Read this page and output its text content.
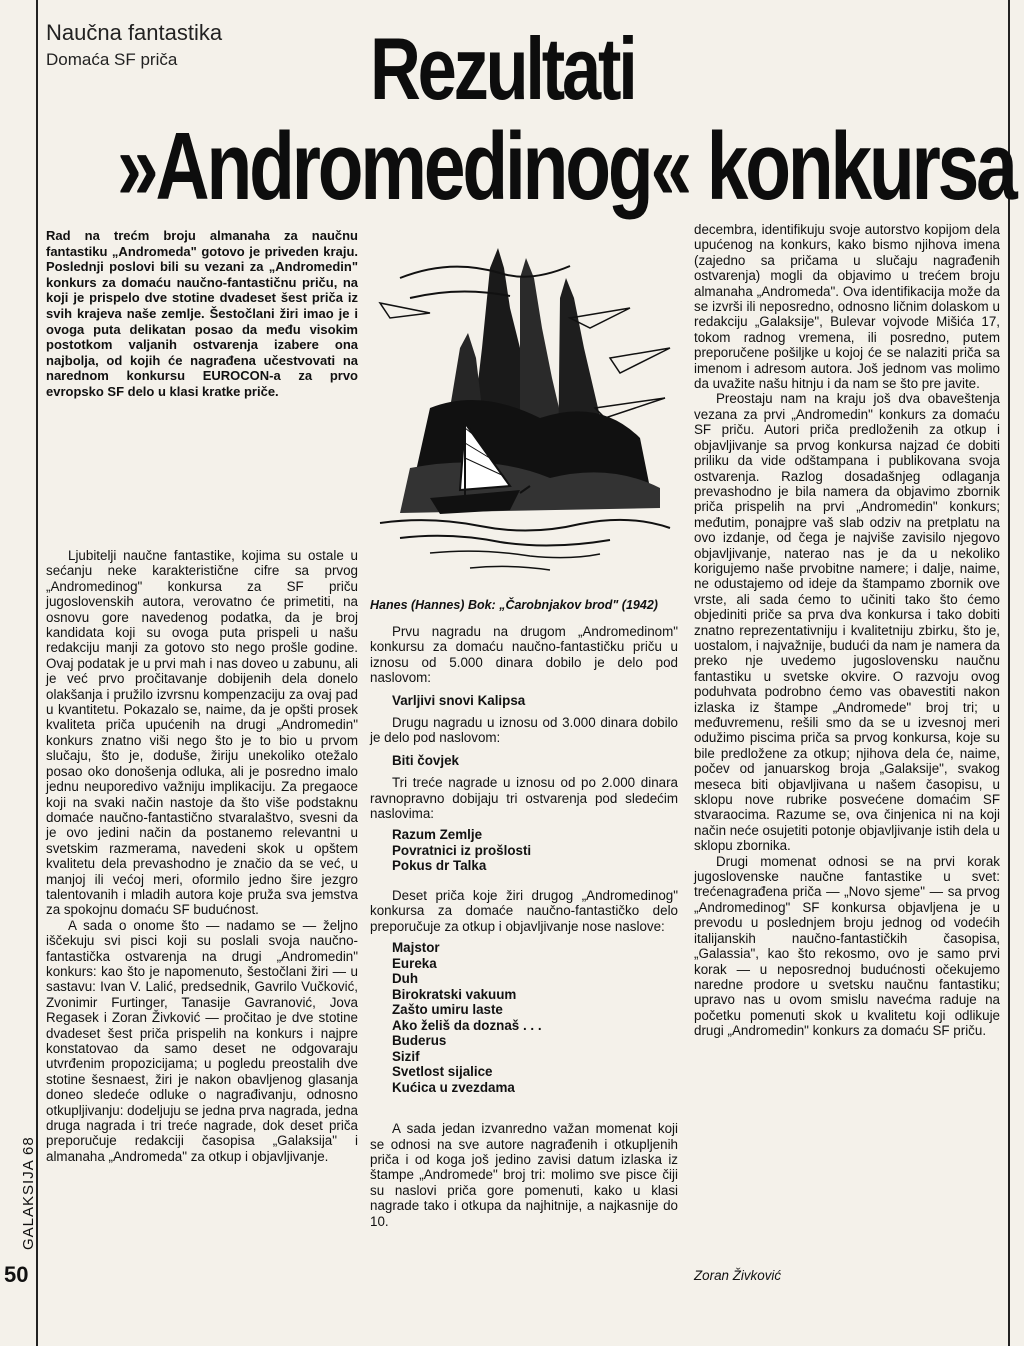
Naučna fantastika
Domaća SF priča Rezultati
»Andromedinog« konkursa
Rad na trećm broju almanaha za naučnu fantastiku „Andromeda" gotovo je priveden kraju. Poslednji poslovi bili su vezani za „Andromedin" konkurs za domaću naučno-fantastičnu priču, na koji je prispelo dve stotine dvadeset šest priča iz svih krajeva naše zemlje. Šestočlani žiri imao je i ovoga puta delikatan posao da među visokim postotkom valjanih ostvarenja izabere ona najbolja, od kojih će nagrađena učestvovati na narednom konkursu EUROCON-a za prvo evropsko SF delo u klasi kratke priče.
Hanes (Hannes) Bok: „Čarobnjakov brod" (1942)

Ljubitelji naučne fantastike, kojima su ostale u sećanju neke karakteristične cifre sa prvog „Andromedinog" konkursa za SF priču jugoslovenskih autora, verovatno će primetiti, na osnovu gore navedenog podatka, da je broj kandidata koji su ovoga puta prispeli u našu redakciju manji za gotovo sto nego prošle godine. Ovaj podatak je u prvi mah i nas doveo u zabunu, ali je već prvo pročitavanje dobijenih dela donelo olakšanja i pružilo izvrsnu kompenzaciju za ovaj pad u kvantitetu. Pokazalo se, naime, da je opšti prosek kvaliteta priča upućenih na drugi „Andromedin" konkurs znatno viši nego što je to bio u prvom slučaju, što je, doduše, žiriju unekoliko otežalo posao oko donošenja odluka, ali je posredno imalo jednu neuporedivo važniju implikaciju. Za pregaoce koji na svaki način nastoje da što više podstaknu domaće naučno-fantastično stvaralaštvo, svesni da je ovo jedini način da postanemo relevantni u svetskim razmerama, navedeni skok u opštem kvalitetu dela prevashodno je značio da se već, u manjoj ili većoj meri, oformilo jedno šire jezgro talentovanih i mladih autora koje pruža sva jemstva za spokojnu domaću SF budućnost.

A sada o onome što — nadamo se — željno iščekuju svi pisci koji su poslali svoja naučno-fantastička ostvarenja na drugi „Andromedin" konkurs: kao što je napomenuto, šestočlani žiri — u sastavu: Ivan V. Lalić, predsednik, Gavrilo Vučković, Zvonimir Furtinger, Tanasije Gavranović, Jova Regasek i Zoran Živković — pročitao je dve stotine dvadeset šest priča prispelih na konkurs i najpre konstatovao da samo deset ne odgovaraju utvrđenim propozicijama; u pogledu preostalih dve stotine šesnaest, žiri je nakon obavljenog glasanja doneo sledeće odluke o nagrađivanju, odnosno otkupljivanju: dodeljuju se jedna prva nagrada, jedna druga nagrada i tri treće nagrade, dok deset priča preporučuje redakciji časopisa „Galaksija" i almanaha „Andromeda" za otkup i objavljivanje.

Prvu nagradu na drugom „Andromedinom" konkursu za domaću naučno-fantastičku priču u iznosu od 5.000 dinara dobilo je delo pod naslovom:

Varljivi snovi Kalipsa

Drugu nagradu u iznosu od 3.000 dinara dobilo je delo pod naslovom:

Biti čovjek

Tri treće nagrade u iznosu od po 2.000 dinara ravnopravno dobijaju tri ostvarenja pod sledećim naslovima:

Razum Zemlje
Povratnici iz prošlosti
Pokus dr Talka

Deset priča koje žiri drugog „Andromedinog" konkursa za domaće naučno-fantastičko delo preporučuje za otkup i objavljivanje nose naslove:

Majstor
Eureka
Duh
Birokratski vakuum
Zašto umiru laste
Ako želiš da doznaš . . .
Buderus
Sizif
Svetlost sijalice
Kućica u zvezdama

A sada jedan izvanredno važan momenat koji se odnosi na sve autore nagrađenih i otkupljenih priča i od koga još jedino zavisi datum izlaska iz štampe „Andromede" broj tri: molimo sve pisce čiji su naslovi priča gore pomenuti, kako u klasi nagrade tako i otkupa da najhitnije, a najkasnije do 10.

decembra, identifikuju svoje autorstvo kopijom dela upućenog na konkurs, kako bismo njihova imena (zajedno sa pričama u slučaju nagrađenih ostvarenja) mogli da objavimo u trećem broju almanaha „Andromeda". Ova identifikacija može da se izvrši ili neposredno, odnosno ličnim dolaskom u redakciju „Galaksije", Bulevar vojvode Mišića 17, tokom radnog vremena, ili posredno, putem preporučene pošiljke u kojoj će se nalaziti priča sa imenom i adresom autora. Još jednom vas molimo da uvažite našu hitnju i da nam se što pre javite.

Preostaju nam na kraju još dva obaveštenja vezana za prvi „Andromedin" konkurs za domaću SF priču. Autori priča predloženih za otkup i objavljivanje sa prvog konkursa najzad će dobiti priliku da vide odštampana i publikovana svoja ostvarenja. Razlog dosadašnjeg odlaganja prevashodno je bila namera da objavimo zbornik priča prispelih na prvi „Andromedin" konkurs; međutim, ponajpre vaš slab odziv na pretplatu na ovo izdanje, od čega je najviše zavisilo njegovo objavljivanje, naterao nas je da u nekoliko korigujemo naše prvobitne namere; i dalje, naime, ne odustajemo od ideje da štampamo zbornik ove vrste, ali sada ćemo to učiniti tako što ćemo objediniti priče sa prva dva konkursa i tako dobiti znatno reprezentativniju i kvalitetniju zbirku, što je, uostalom, i najvažnije, budući da nam je namera da preko nje uvedemo jugoslovensku naučnu fantastiku u svetske okvire. O razvoju ovog poduhvata podrobno ćemo vas obavestiti nakon izlaska iz štampe „Andromede" broj tri; u međuvremenu, rešili smo da se u izvesnoj meri odužimo piscima priča sa prvog konkursa, koje su bile predložene za otkup; njihova dela će, naime, počev od januarskog broja „Galaksije", svakog meseca biti objavljivana u našem časopisu, u sklopu nove rubrike posvećene domaćim SF stvaraocima. Razume se, ova činjenica ni na koji način neće osujetiti potonje objavljivanje istih dela u sklopu zbornika.

Drugi momenat odnosi se na prvi korak jugoslovenske naučne fantastike u svet: trećenagrađena priča — „Novo sjeme" — sa prvog „Andromedinog" SF konkursa objavljena je u prevodu u poslednjem broju jednog od vodećih italijanskih naučno-fantastičkih časopisa, „Galassia", kao što rekosmo, ovo je samo prvi korak — u neposrednoj budućnosti očekujemo naredne prodore u svetsku naučnu fantastiku; upravo nas u ovom smislu navećma raduje na početku pomenuti skok u kvalitetu koji odlikuje drugi „Andromedin" konkurs za domaću SF priču.

Zoran Živković
GALAKSIJA 68
50
